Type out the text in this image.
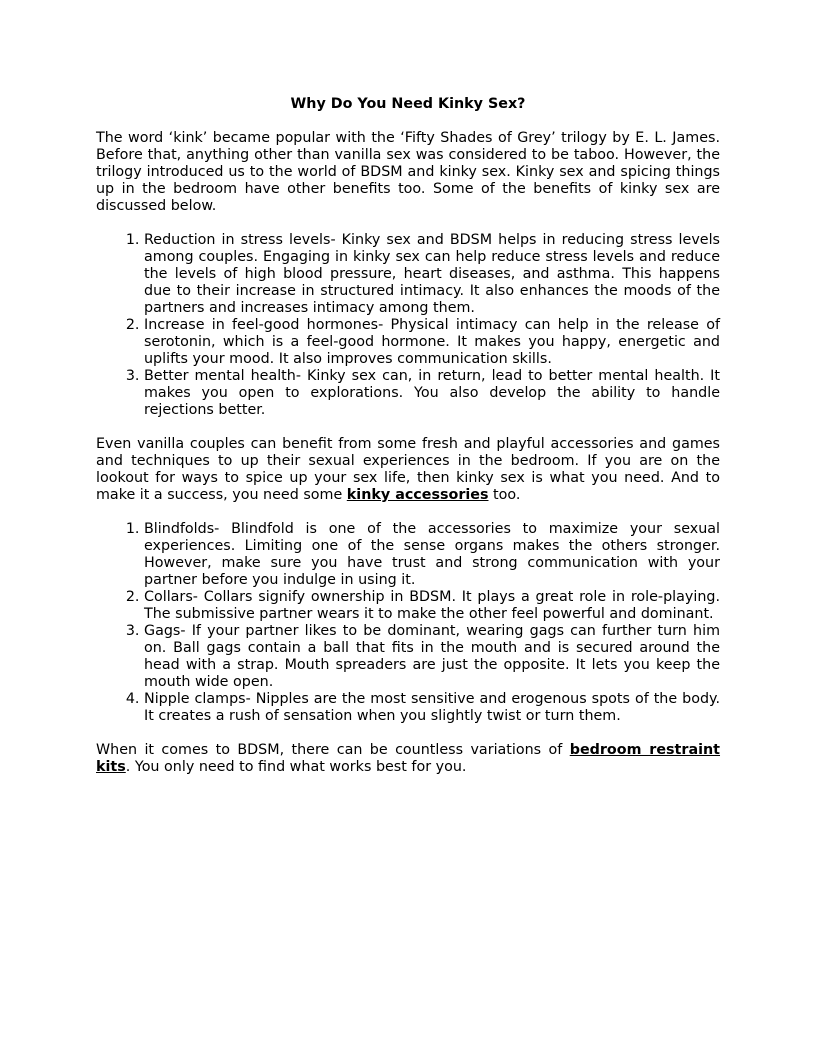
Why Do You Need Kinky Sex?

The word ‘kink’ became popular with the ‘Fifty Shades of Grey’ trilogy by E. L. James. Before that, anything other than vanilla sex was considered to be taboo. However, the trilogy introduced us to the world of BDSM and kinky sex. Kinky sex and spicing things up in the bedroom have other benefits too. Some of the benefits of kinky sex are discussed below.

1. Reduction in stress levels- Kinky sex and BDSM helps in reducing stress levels among couples. Engaging in kinky sex can help reduce stress levels and reduce the levels of high blood pressure, heart diseases, and asthma. This happens due to their increase in structured intimacy. It also enhances the moods of the partners and increases intimacy among them.
2. Increase in feel-good hormones- Physical intimacy can help in the release of serotonin, which is a feel-good hormone. It makes you happy, energetic and uplifts your mood. It also improves communication skills.
3. Better mental health- Kinky sex can, in return, lead to better mental health. It makes you open to explorations. You also develop the ability to handle rejections better.

Even vanilla couples can benefit from some fresh and playful accessories and games and techniques to up their sexual experiences in the bedroom. If you are on the lookout for ways to spice up your sex life, then kinky sex is what you need. And to make it a success, you need some kinky accessories too.

1. Blindfolds- Blindfold is one of the accessories to maximize your sexual experiences. Limiting one of the sense organs makes the others stronger. However, make sure you have trust and strong communication with your partner before you indulge in using it.
2. Collars- Collars signify ownership in BDSM. It plays a great role in role-playing. The submissive partner wears it to make the other feel powerful and dominant.
3. Gags- If your partner likes to be dominant, wearing gags can further turn him on. Ball gags contain a ball that fits in the mouth and is secured around the head with a strap. Mouth spreaders are just the opposite. It lets you keep the mouth wide open.
4. Nipple clamps- Nipples are the most sensitive and erogenous spots of the body. It creates a rush of sensation when you slightly twist or turn them.

When it comes to BDSM, there can be countless variations of bedroom restraint kits. You only need to find what works best for you.
